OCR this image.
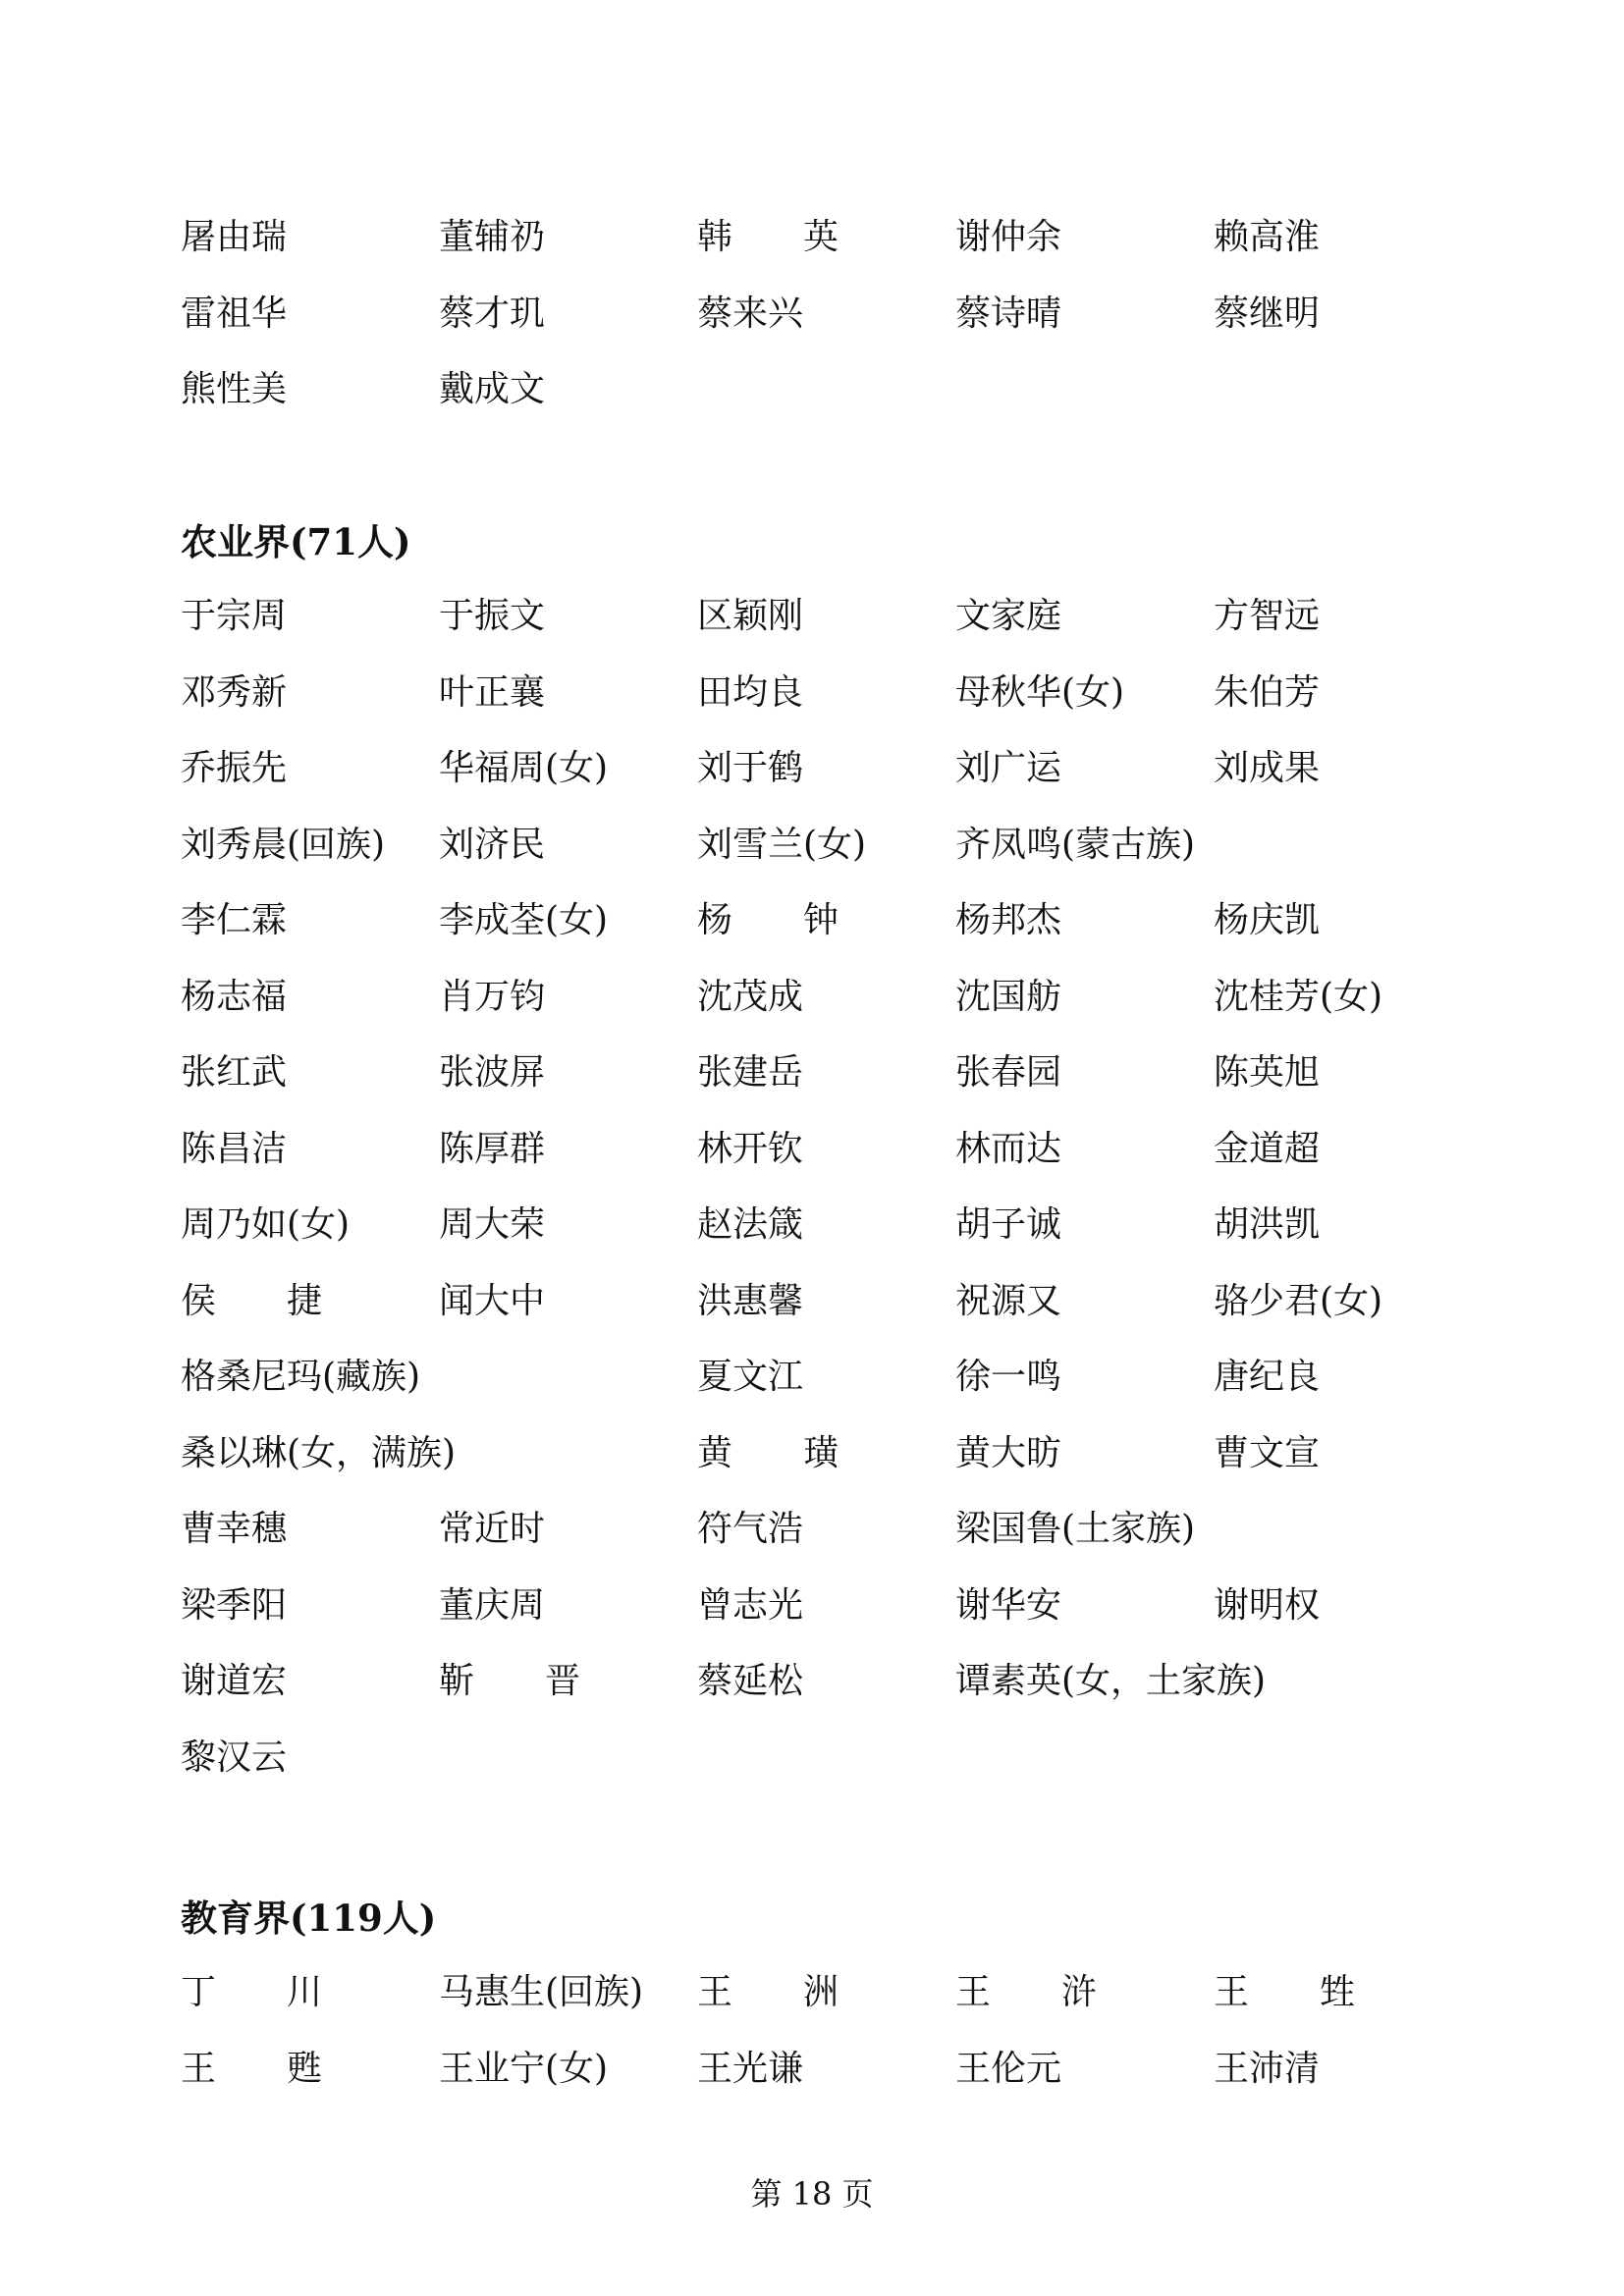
屠由瑞	董辅礽	韩　　英	谢仲余	赖高淮
雷祖华	蔡才玑	蔡来兴	蔡诗晴	蔡继明
熊性美	戴成文
农业界(71人)
于宗周	于振文	区颖刚	文家庭	方智远
邓秀新	叶正襄	田均良	母秋华(女)	朱伯芳
乔振先	华福周(女)	刘于鹤	刘广运	刘成果
刘秀晨(回族) 刘济民	刘雪兰(女)	齐凤鸣(蒙古族)
李仁霖	李成荃(女)	杨　　钟	杨邦杰	杨庆凯
杨志福	肖万钧	沈茂成	沈国舫	沈桂芳(女)
张红武	张波屏	张建岳	张春园	陈英旭
陈昌洁	陈厚群	林开钦	林而达	金道超
周乃如(女)	周大荣	赵法箴	胡子诚	胡洪凯
侯　　捷	闻大中	洪惠馨	祝源又	骆少君(女)
格桑尼玛(藏族)	夏文江	徐一鸣	唐纪良
桑以琳(女，满族)	黄　　璜	黄大昉	曹文宣
曹幸穗	常近时	符气浩	梁国鲁(土家族)
梁季阳	董庆周	曾志光	谢华安	谢明权
谢道宏	靳　　晋	蔡延松	谭素英(女，土家族)
黎汉云
教育界(119人)
丁　　川	马惠生(回族) 王　　洲	王　　浒	王　　甡
王　　甦	王业宁(女)	王光谦	王伦元	王沛清
第 18 页
